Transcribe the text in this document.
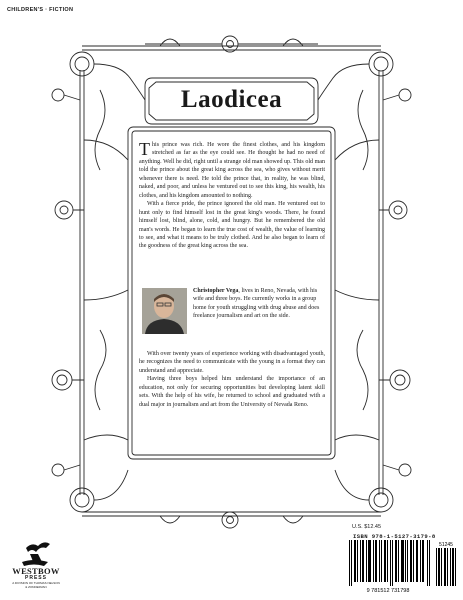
CHILDREN'S · FICTION
Laodicea

This prince was rich. He wore the finest clothes, and his kingdom stretched as far as the eye could see. He thought he had no need of anything. Well he did, right until a strange old man showed up. This old man told the prince about the great king across the sea, who gives without merit whenever there is need. He told the prince that, in reality, he was blind, naked, and poor, and unless he ventured out to see this king, his wealth, his clothes, and his kingdom amounted to nothing.

With a fierce pride, the prince ignored the old man. He ventured out to hunt only to find himself lost in the great king's woods. There, he found himself lost, blind, alone, cold, and hungry. But he remembered the old man's words. He began to learn the true cost of wealth, the value of learning to see, and what it means to be truly clothed. And he also began to learn of the goodness of the great king across the sea.

Christopher Vega, lives in Reno, Nevada, with his wife and three boys. He currently works in a group home for youth struggling with drug abuse and does freelance journalism and art on the side.

With over twenty years of experience working with disadvantaged youth, he recognizes the need to communicate with the young in a format they can understand and appreciate.

Having three boys helped him understand the importance of an education, not only for securing opportunities but developing latent skill sets. With the help of his wife, he returned to school and graduated with a dual major in journalism and art from the University of Nevada Reno.

U.S. $12.45
ISBN 978-1-5127-3179-8
51245
9 781512 731798
WESTBOW
PRESS
A DIVISION OF THOMAS NELSON
& ZONDERVAN
